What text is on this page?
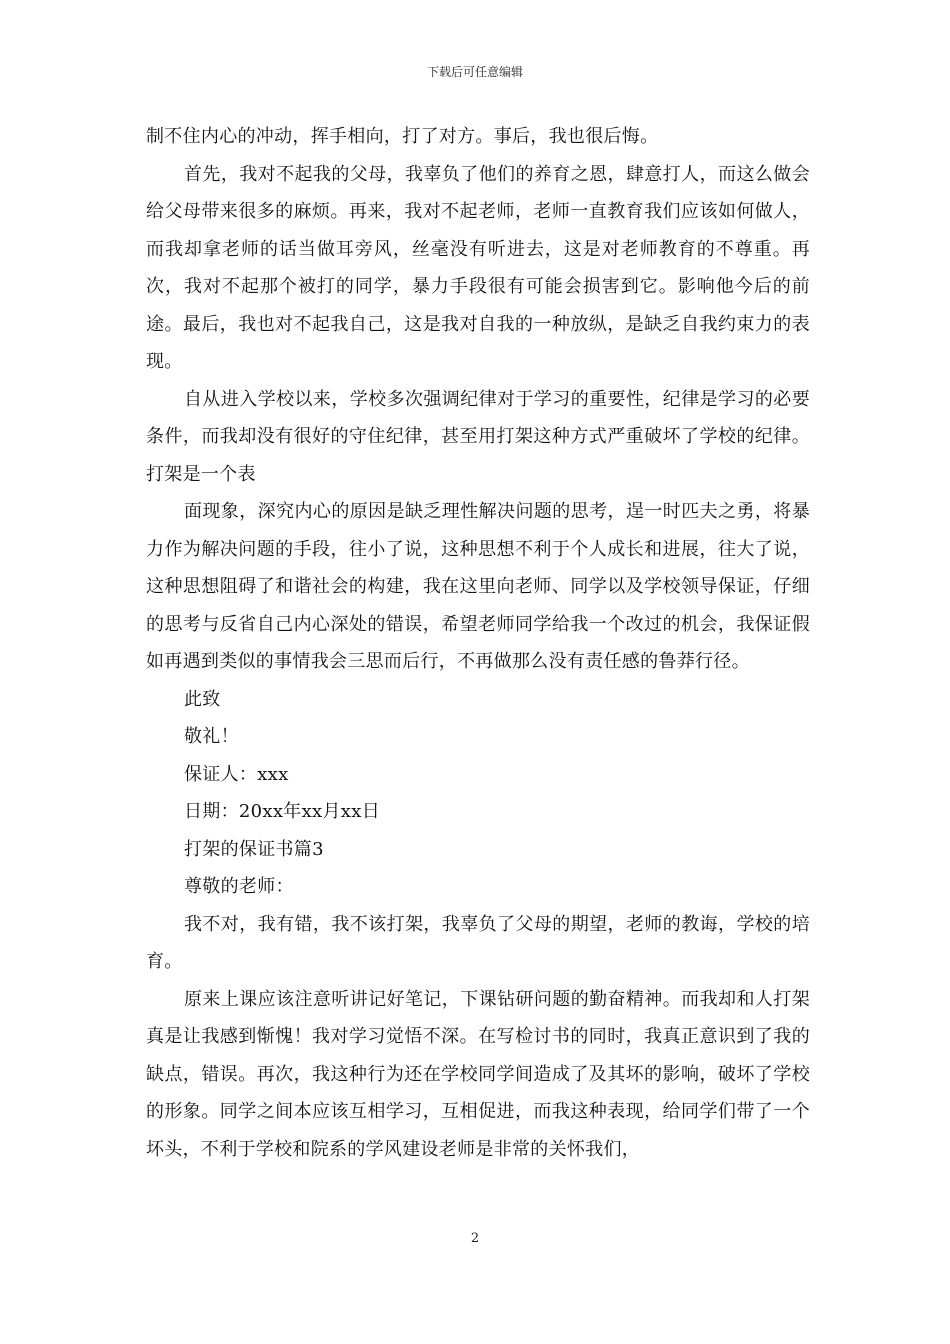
下载后可任意编辑

制不住内心的冲动，挥手相向，打了对方。事后，我也很后悔。

首先，我对不起我的父母，我辜负了他们的养育之恩，肆意打人，而这么做会给父母带来很多的麻烦。再来，我对不起老师，老师一直教育我们应该如何做人，而我却拿老师的话当做耳旁风，丝毫没有听进去，这是对老师教育的不尊重。再次，我对不起那个被打的同学，暴力手段很有可能会损害到它。影响他今后的前途。最后，我也对不起我自己，这是我对自我的一种放纵，是缺乏自我约束力的表现。

自从进入学校以来，学校多次强调纪律对于学习的重要性，纪律是学习的必要条件，而我却没有很好的守住纪律，甚至用打架这种方式严重破坏了学校的纪律。打架是一个表

面现象，深究内心的原因是缺乏理性解决问题的思考，逞一时匹夫之勇，将暴力作为解决问题的手段，往小了说，这种思想不利于个人成长和进展，往大了说，这种思想阻碍了和谐社会的构建，我在这里向老师、同学以及学校领导保证，仔细的思考与反省自己内心深处的错误，希望老师同学给我一个改过的机会，我保证假如再遇到类似的事情我会三思而后行，不再做那么没有责任感的鲁莽行径。

此致

敬礼！

保证人：xxx

日期：20xx年xx月xx日

打架的保证书篇3

尊敬的老师：

我不对，我有错，我不该打架，我辜负了父母的期望，老师的教诲，学校的培育。

原来上课应该注意听讲记好笔记，下课钻研问题的勤奋精神。而我却和人打架真是让我感到惭愧！我对学习觉悟不深。在写检讨书的同时，我真正意识到了我的缺点，错误。再次，我这种行为还在学校同学间造成了及其坏的影响，破坏了学校的形象。同学之间本应该互相学习，互相促进，而我这种表现，给同学们带了一个坏头，不利于学校和院系的学风建设老师是非常的关怀我们，

2
